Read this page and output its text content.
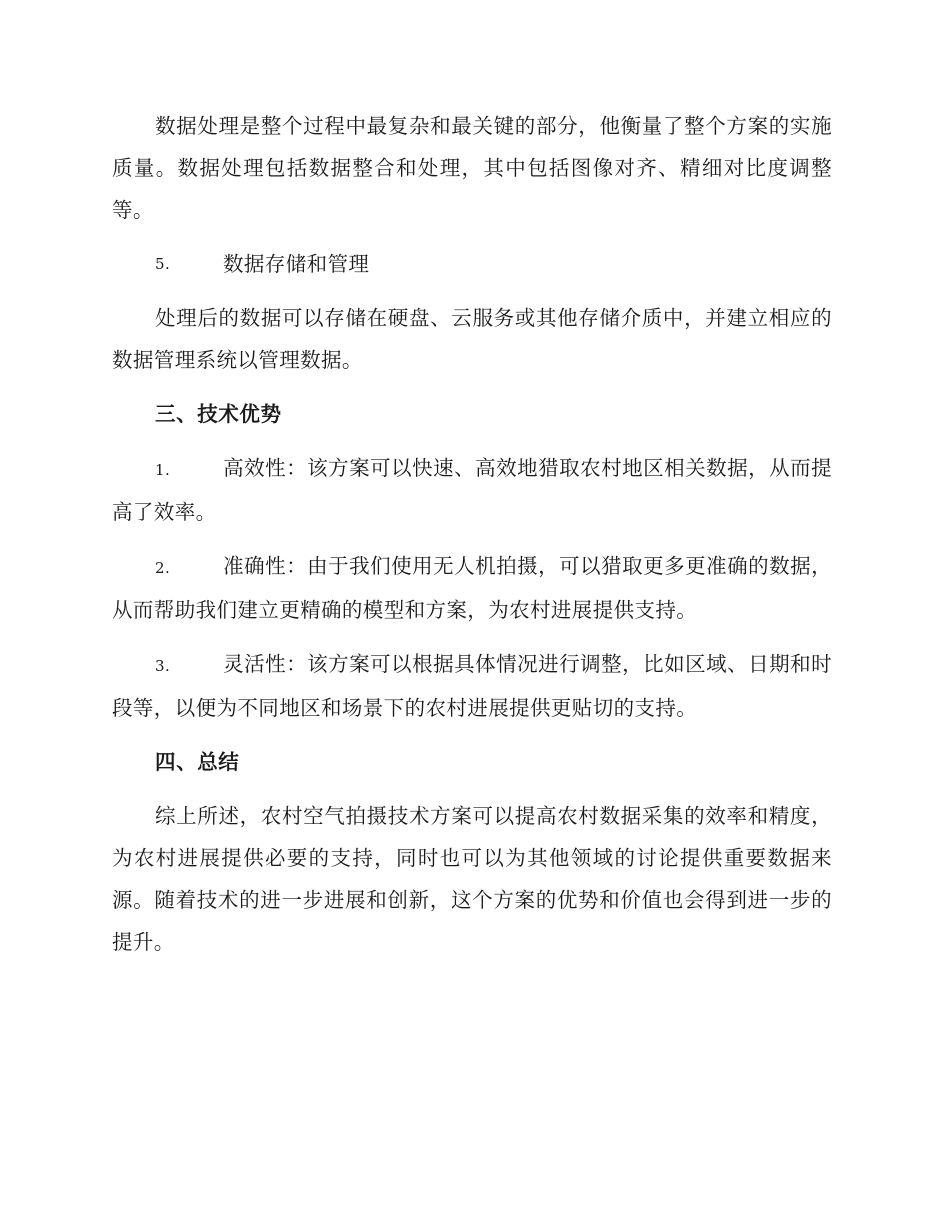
数据处理是整个过程中最复杂和最关键的部分，他衡量了整个方案的实施质量。数据处理包括数据整合和处理，其中包括图像对齐、精细对比度调整等。

5.	数据存储和管理

处理后的数据可以存储在硬盘、云服务或其他存储介质中，并建立相应的数据管理系统以管理数据。

三、技术优势

1.	高效性：该方案可以快速、高效地猎取农村地区相关数据，从而提高了效率。

2.	准确性：由于我们使用无人机拍摄，可以猎取更多更准确的数据，从而帮助我们建立更精确的模型和方案，为农村进展提供支持。

3.	灵活性：该方案可以根据具体情况进行调整，比如区域、日期和时段等，以便为不同地区和场景下的农村进展提供更贴切的支持。

四、总结

综上所述，农村空气拍摄技术方案可以提高农村数据采集的效率和精度，为农村进展提供必要的支持，同时也可以为其他领域的讨论提供重要数据来源。随着技术的进一步进展和创新，这个方案的优势和价值也会得到进一步的提升。
